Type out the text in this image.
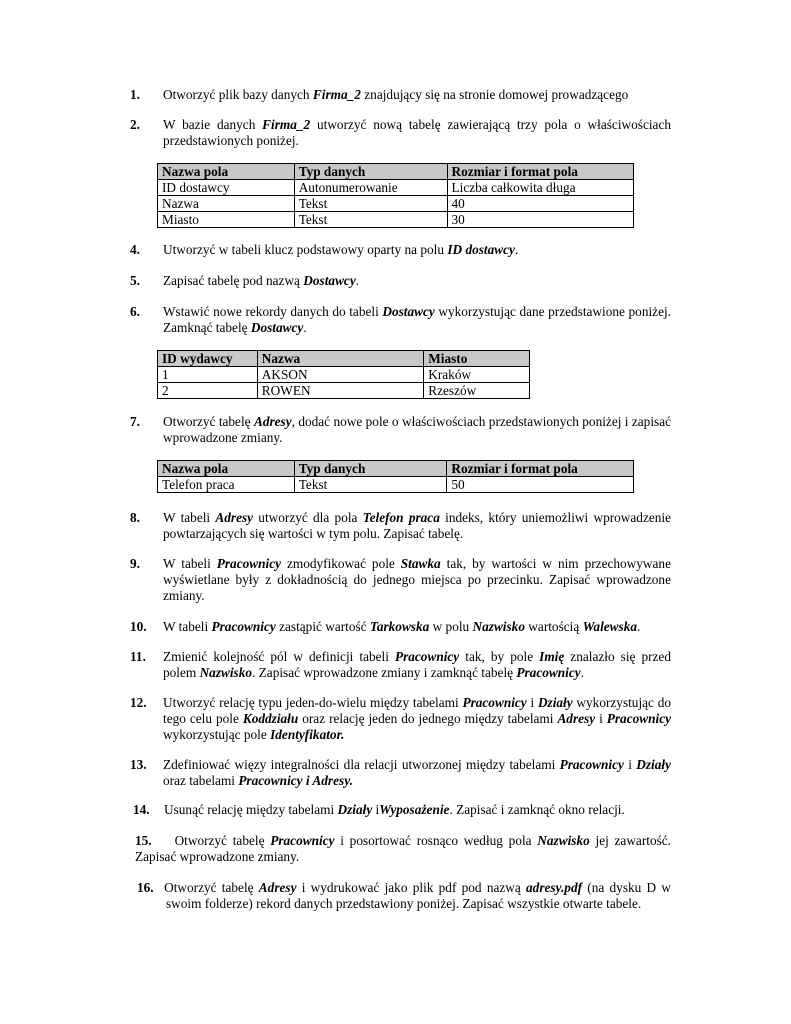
1. Otworzyć plik bazy danych Firma_2 znajdujący się na stronie domowej prowadzącego
2. W bazie danych Firma_2 utworzyć nową tabelę zawierającą trzy pola o właściwościach przedstawionych poniżej.
Nazwa pola	Typ danych	Rozmiar i format pola
ID dostawcy	Autonumerowanie	Liczba całkowita długa
Nazwa	Tekst	40
Miasto	Tekst	30
4. Utworzyć w tabeli klucz podstawowy oparty na polu ID dostawcy.
5. Zapisać tabelę pod nazwą Dostawcy.
6. Wstawić nowe rekordy danych do tabeli Dostawcy wykorzystując dane przedstawione poniżej. Zamknąć tabelę Dostawcy.
ID wydawcy	Nazwa	Miasto
1	AKSON	Kraków
2	ROWEN	Rzeszów
7. Otworzyć tabelę Adresy, dodać nowe pole o właściwościach przedstawionych poniżej i zapisać wprowadzone zmiany.
Nazwa pola	Typ danych	Rozmiar i format pola
Telefon praca	Tekst	50
8. W tabeli Adresy utworzyć dla pola Telefon praca indeks, który uniemożliwi wprowadzenie powtarzających się wartości w tym polu. Zapisać tabelę.
9. W tabeli Pracownicy zmodyfikować pole Stawka tak, by wartości w nim przechowywane wyświetlane były z dokładnością do jednego miejsca po przecinku. Zapisać wprowadzone zmiany.
10. W tabeli Pracownicy zastąpić wartość Tarkowska w polu Nazwisko wartością Walewska.
11. Zmienić kolejność pól w definicji tabeli Pracownicy tak, by pole Imię znalazło się przed polem Nazwisko. Zapisać wprowadzone zmiany i zamknąć tabelę Pracownicy.
12. Utworzyć relację typu jeden-do-wielu między tabelami Pracownicy i Działy wykorzystując do tego celu pole Koddziału oraz relację jeden do jednego między tabelami Adresy i Pracownicy wykorzystując pole Identyfikator.
13. Zdefiniować więzy integralności dla relacji utworzonej między tabelami Pracownicy i Działy oraz tabelami Pracownicy i Adresy.
14. Usunąć relację między tabelami Działy iWyposażenie. Zapisać i zamknąć okno relacji.
15. Otworzyć tabelę Pracownicy i posortować rosnąco według pola Nazwisko jej zawartość. Zapisać wprowadzone zmiany.
16. Otworzyć tabelę Adresy i wydrukować jako plik pdf pod nazwą adresy.pdf (na dysku D w swoim folderze) rekord danych przedstawiony poniżej. Zapisać wszystkie otwarte tabele.
